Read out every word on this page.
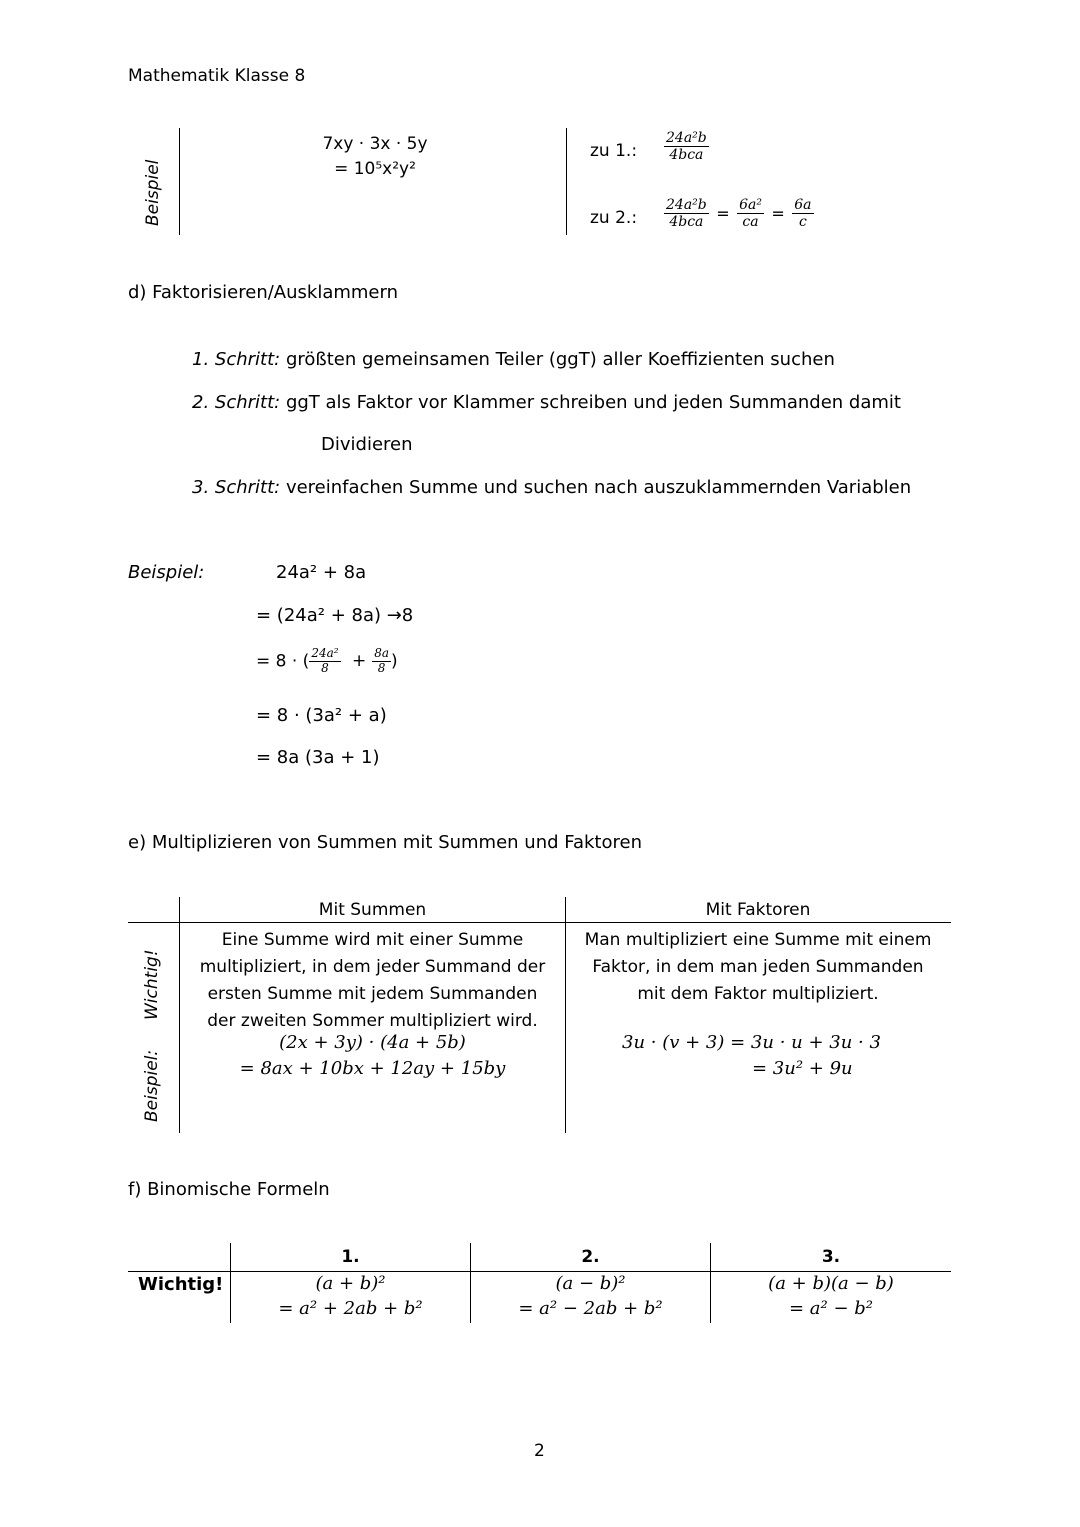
Mathematik Klasse 8
Beispiel
7xy · 3x · 5y
= 10⁵x²y²
zu 1.: $\frac{\text{24a²b}}{\text{4bca}}$
zu 2.: $\frac{\text{24a²b}}{\text{4bca}} = \frac{\text{6a²}}{ca} = \frac{6a}{c}$
d) Faktorisieren/Ausklammern
1. Schritt: größten gemeinsamen Teiler (ggT) aller Koeffizienten suchen
2. Schritt: ggT als Faktor vor Klammer schreiben und jeden Summanden damit
Dividieren
3. Schritt: vereinfachen Summe und suchen nach auszuklammernden Variablen
Beispiel:	24a² + 8a
= (24a² + 8a) →8
= 8 · ( $\frac{\text{24a²}}{8} + \frac{8a}{8}$ )
= 8 · (3a² + a)
= 8a (3a + 1)
e) Multiplizieren von Summen mit Summen und Faktoren
Wichtig!
Beispiel:
Mit Summen
Eine Summe wird mit einer Summe
multipliziert, in dem jeder Summand der
ersten Summe mit jedem Summanden
der zweiten Sommer multipliziert wird.
(2x + 3y) · (4a + 5b)
= 8ax + 10bx + 12ay + 15by
Mit Faktoren
Man multipliziert eine Summe mit einem
Faktor, in dem man jeden Summanden
mit dem Faktor multipliziert.
3u · (v + 3) = 3u · u + 3u · 3
= 3u² + 9u
f) Binomische Formeln
Wichtig!
1.
(a + b)²
= a² + 2ab + b²
2.
(a − b)²
= a² − 2ab + b²
3.
(a + b)(a − b)
= a² − b²
2
